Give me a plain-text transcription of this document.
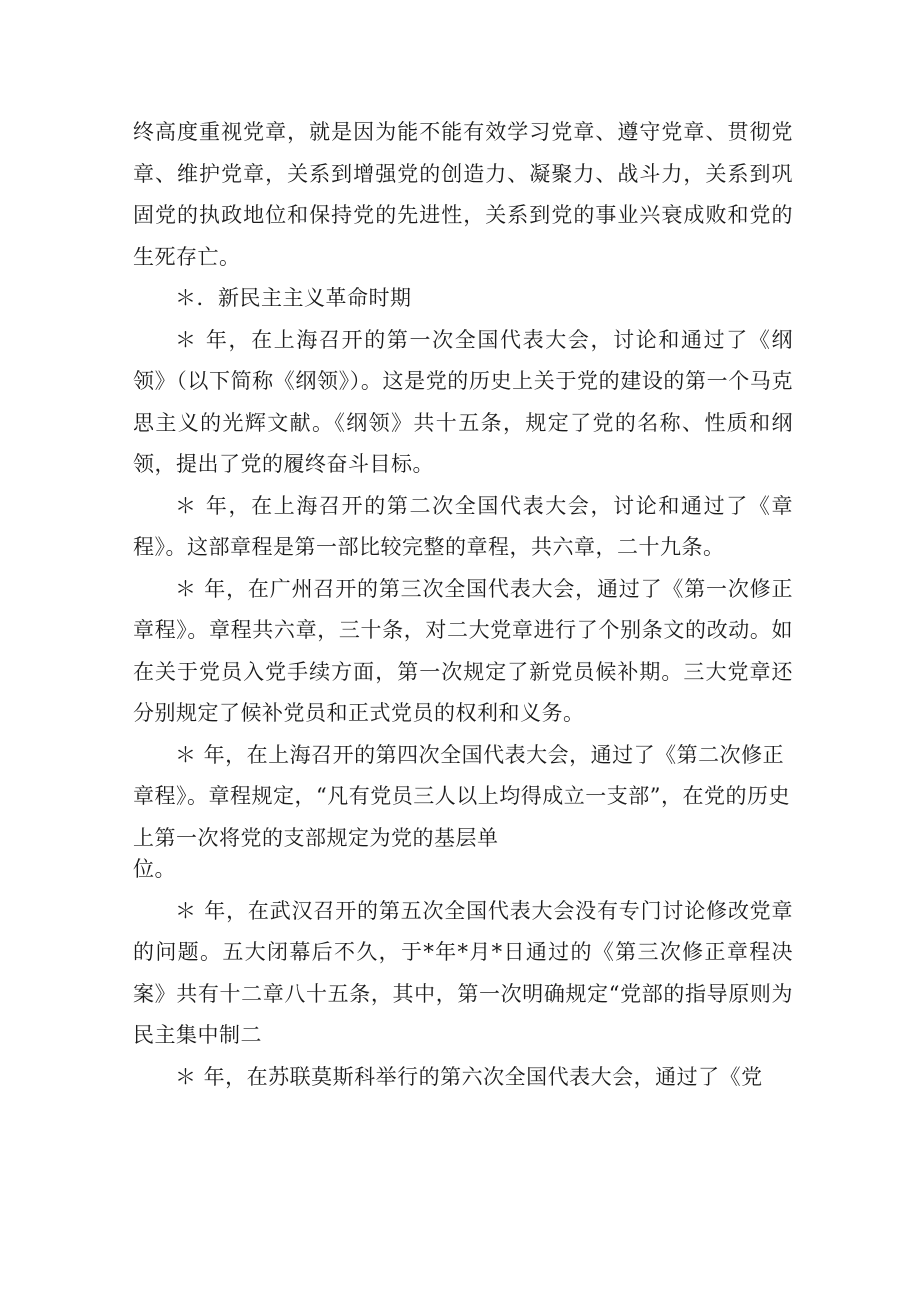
终高度重视党章，就是因为能不能有效学习党章、遵守党章、贯彻党章、维护党章，关系到增强党的创造力、凝聚力、战斗力，关系到巩固党的执政地位和保持党的先进性，关系到党的事业兴衰成败和党的生死存亡。

＊．新民主主义革命时期

＊ 年，在上海召开的第一次全国代表大会，讨论和通过了《纲领》（以下简称《纲领》）。这是党的历史上关于党的建设的第一个马克思主义的光辉文献。《纲领》共十五条，规定了党的名称、性质和纲领，提出了党的履终奋斗目标。

＊ 年，在上海召开的第二次全国代表大会，讨论和通过了《章程》。这部章程是第一部比较完整的章程，共六章，二十九条。

＊ 年，在广州召开的第三次全国代表大会，通过了《第一次修正章程》。章程共六章，三十条，对二大党章进行了个别条文的改动。如在关于党员入党手续方面，第一次规定了新党员候补期。三大党章还分别规定了候补党员和正式党员的权利和义务。

＊ 年，在上海召开的第四次全国代表大会，通过了《第二次修正章程》。章程规定，“凡有党员三人以上均得成立一支部”，在党的历史上第一次将党的支部规定为党的基层单

位。

＊ 年，在武汉召开的第五次全国代表大会没有专门讨论修改党章的问题。五大闭幕后不久，于*年*月*日通过的《第三次修正章程决案》共有十二章八十五条，其中，第一次明确规定“党部的指导原则为民主集中制二

＊ 年，在苏联莫斯科举行的第六次全国代表大会，通过了《党
